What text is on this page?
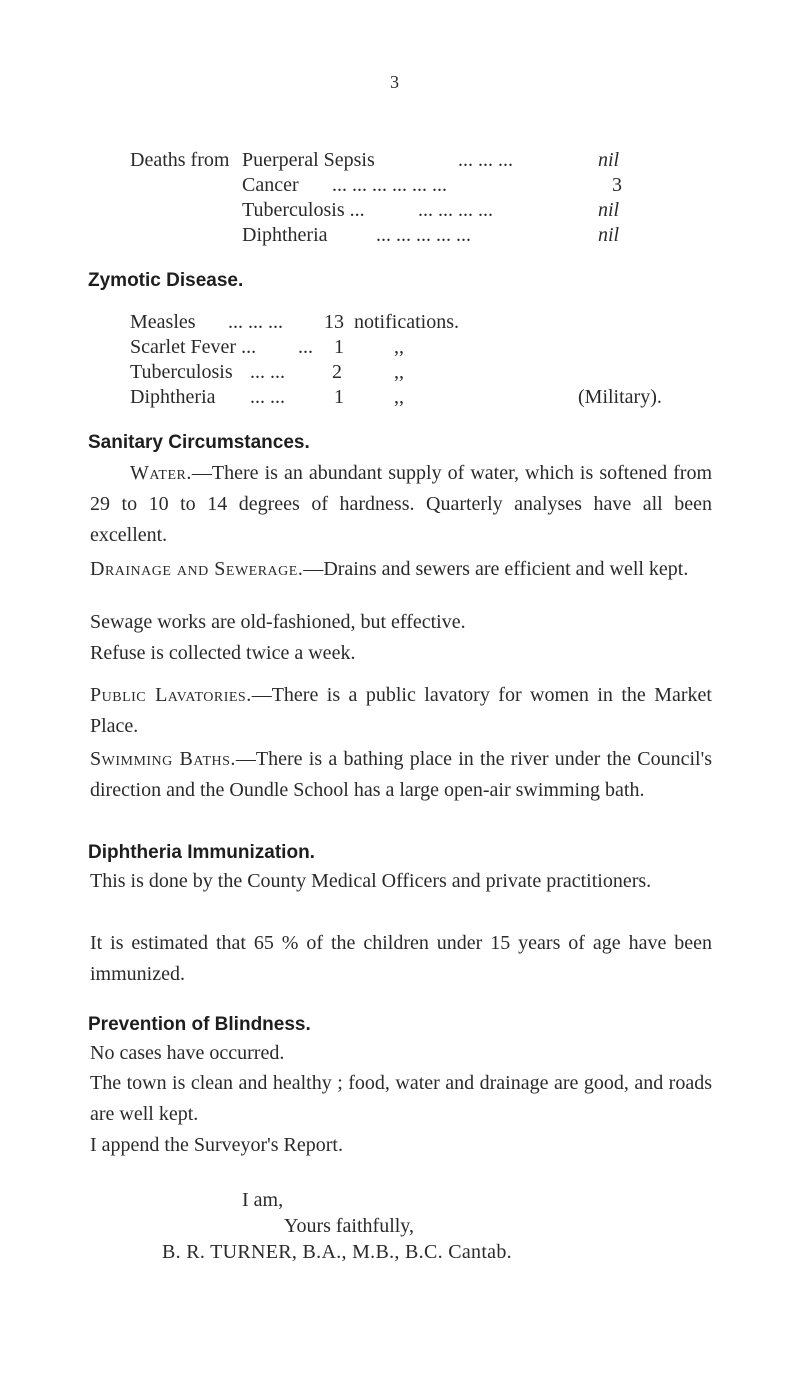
3
Deaths from Puerperal Sepsis	... ... ...	nil
Cancer ... ... ... ... ... ...	3
Tuberculosis ...	... ... ... ...	nil
Diphtheria ... ... ... ... ...	nil
Zymotic Disease.
Measles ... ... ... 13 notifications.
Scarlet Fever ... ... 1	,,
Tuberculosis ... ... 2	,,
Diphtheria ... ... 1	,,	(Military).
Sanitary Circumstances.
Water.—There is an abundant supply of water, which is softened from 29 to 10 to 14 degrees of hardness. Quarterly analyses have all been excellent.
Drainage and Sewerage.—Drains and sewers are efficient and well kept.
Sewage works are old-fashioned, but effective.
Refuse is collected twice a week.
Public Lavatories.—There is a public lavatory for women in the Market Place.
Swimming Baths.—There is a bathing place in the river under the Council's direction and the Oundle School has a large open-air swimming bath.
Diphtheria Immunization.
This is done by the County Medical Officers and private practitioners.
It is estimated that 65 % of the children under 15 years of age have been immunized.
Prevention of Blindness.
No cases have occurred.
The town is clean and healthy ; food, water and drainage are good, and roads are well kept.
I append the Surveyor's Report.
I am,
Yours faithfully,
B. R. TURNER, B.A., M.B., B.C. Cantab.
